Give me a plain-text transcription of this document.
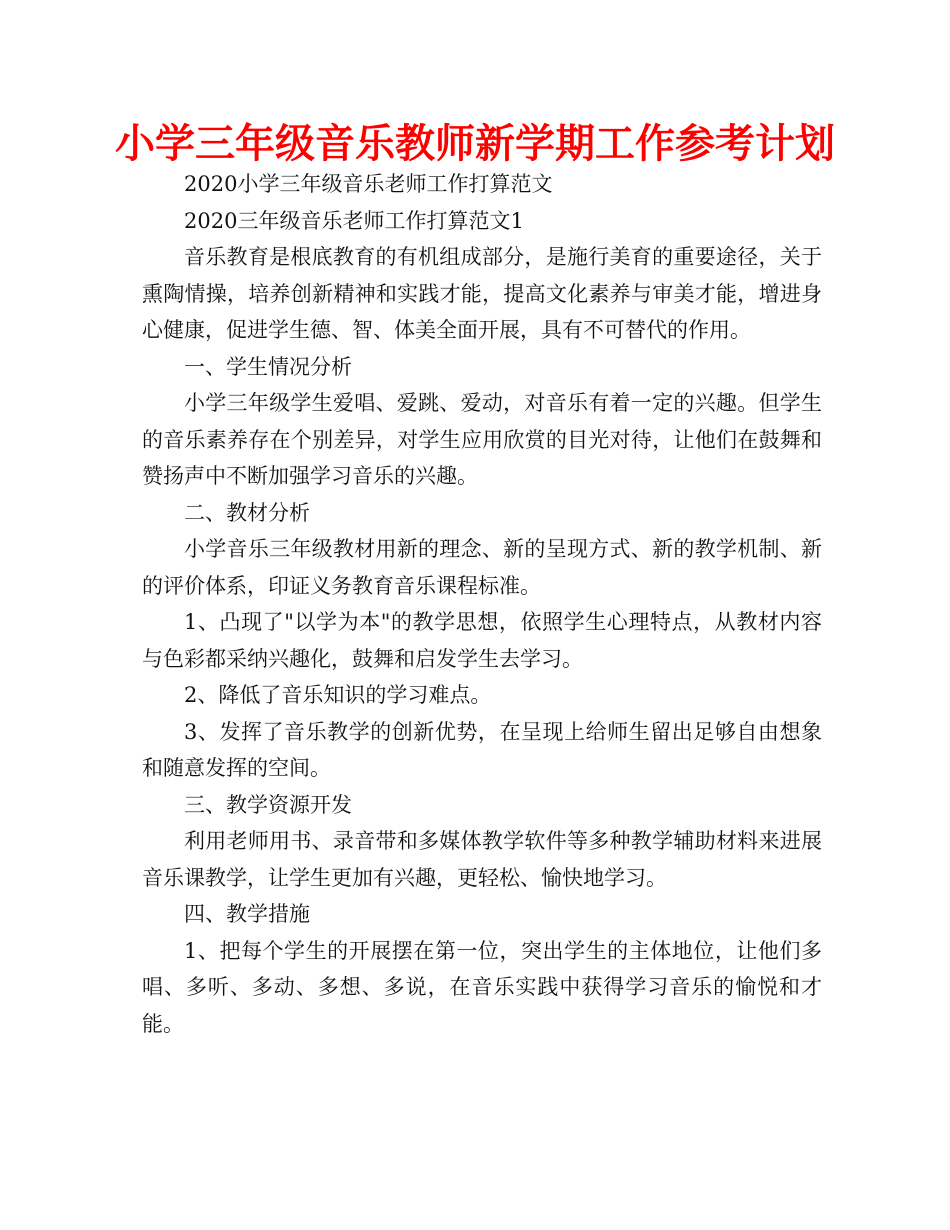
小学三年级音乐教师新学期工作参考计划

2020小学三年级音乐老师工作打算范文

2020三年级音乐老师工作打算范文1

音乐教育是根底教育的有机组成部分，是施行美育的重要途径，关于熏陶情操，培养创新精神和实践才能，提高文化素养与审美才能，增进身心健康，促进学生德、智、体美全面开展，具有不可替代的作用。

一、学生情况分析

小学三年级学生爱唱、爱跳、爱动，对音乐有着一定的兴趣。但学生的音乐素养存在个别差异，对学生应用欣赏的目光对待，让他们在鼓舞和赞扬声中不断加强学习音乐的兴趣。

二、教材分析

小学音乐三年级教材用新的理念、新的呈现方式、新的教学机制、新的评价体系，印证义务教育音乐课程标准。

1、凸现了"以学为本"的教学思想，依照学生心理特点，从教材内容与色彩都采纳兴趣化，鼓舞和启发学生去学习。

2、降低了音乐知识的学习难点。

3、发挥了音乐教学的创新优势，在呈现上给师生留出足够自由想象和随意发挥的空间。

三、教学资源开发

利用老师用书、录音带和多媒体教学软件等多种教学辅助材料来进展音乐课教学，让学生更加有兴趣，更轻松、愉快地学习。

四、教学措施

1、把每个学生的开展摆在第一位，突出学生的主体地位，让他们多唱、多听、多动、多想、多说，在音乐实践中获得学习音乐的愉悦和才能。
